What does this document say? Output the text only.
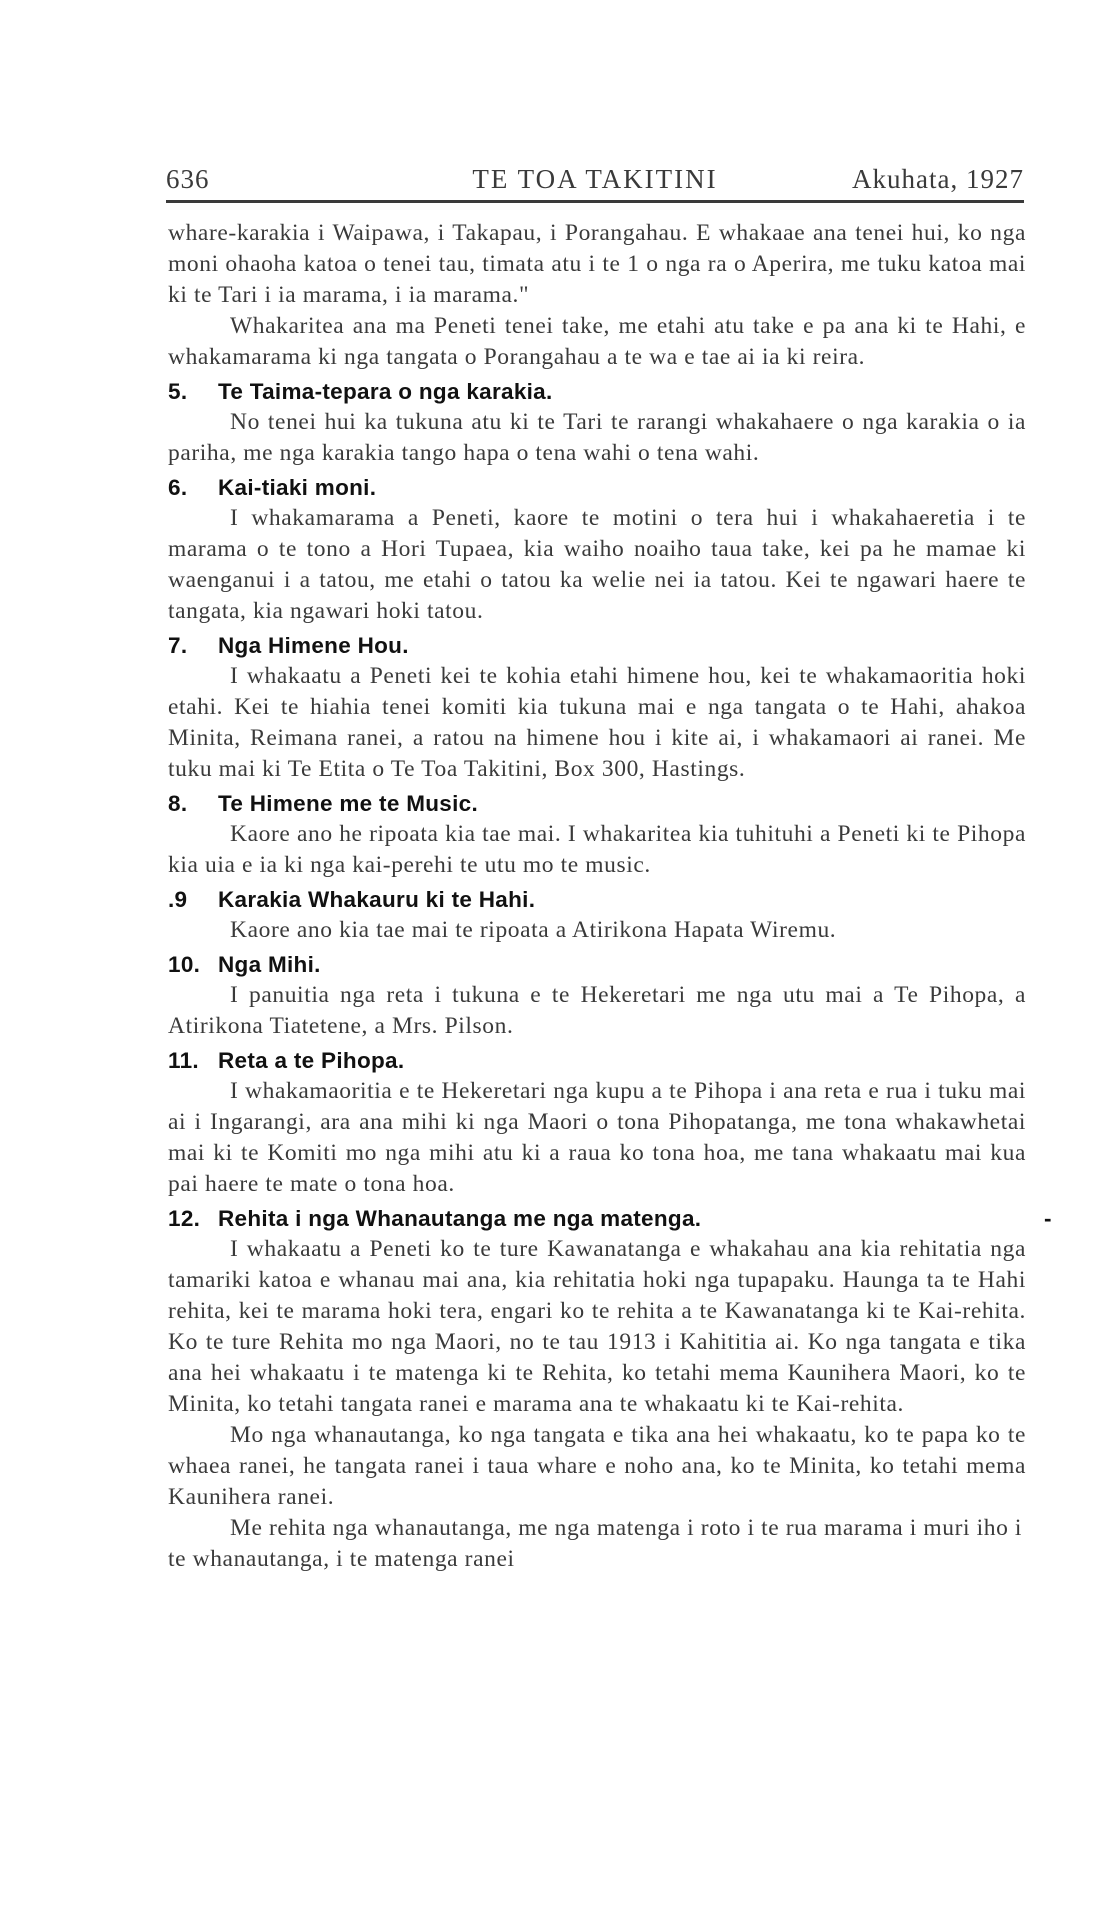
636	TE TOA TAKITINI	Akuhata, 1927

whare-karakia i Waipawa, i Takapau, i Porangahau. E whakaae ana tenei hui, ko nga moni ohaoha katoa o tenei tau, timata atu i te 1 o nga ra o Aperira, me tuku katoa mai ki te Tari i ia marama, i ia marama."

Whakaritea ana ma Peneti tenei take, me etahi atu take e pa ana ki te Hahi, e whakamarama ki nga tangata o Porangahau a te wa e tae ai ia ki reira.

5. Te Taima-tepara o nga karakia.

No tenei hui ka tukuna atu ki te Tari te rarangi whakahaere o nga karakia o ia pariha, me nga karakia tango hapa o tena wahi o tena wahi.

6. Kai-tiaki moni.

I whakamarama a Peneti, kaore te motini o tera hui i whakahaeretia i te marama o te tono a Hori Tupaea, kia waiho noaiho taua take, kei pa he mamae ki waenganui i a tatou, me etahi o tatou ka welie nei ia tatou. Kei te ngawari haere te tangata, kia ngawari hoki tatou.

7. Nga Himene Hou.

I whakaatu a Peneti kei te kohia etahi himene hou, kei te whakamaoritia hoki etahi. Kei te hiahia tenei komiti kia tukuna mai e nga tangata o te Hahi, ahakoa Minita, Reimana ranei, a ratou na himene hou i kite ai, i whakamaori ai ranei. Me tuku mai ki Te Etita o Te Toa Takitini, Box 300, Hastings.

8. Te Himene me te Music.

Kaore ano he ripoata kia tae mai. I whakaritea kia tuhituhi a Peneti ki te Pihopa kia uia e ia ki nga kai-perehi te utu mo te music.

.9 Karakia Whakauru ki te Hahi.

Kaore ano kia tae mai te ripoata a Atirikona Hapata Wiremu.

10. Nga Mihi.

I panuitia nga reta i tukuna e te Hekeretari me nga utu mai a Te Pihopa, a Atirikona Tiatetene, a Mrs. Pilson.

11. Reta a te Pihopa.

I whakamaoritia e te Hekeretari nga kupu a te Pihopa i ana reta e rua i tuku mai ai i Ingarangi, ara ana mihi ki nga Maori o tona Pihopatanga, me tona whakawhetai mai ki te Komiti mo nga mihi atu ki a raua ko tona hoa, me tana whakaatu mai kua pai haere te mate o tona hoa.

12. Rehita i nga Whanautanga me nga matenga.	-

I whakaatu a Peneti ko te ture Kawanatanga e whakahau ana kia rehitatia nga tamariki katoa e whanau mai ana, kia rehitatia hoki nga tupapaku. Haunga ta te Hahi rehita, kei te marama hoki tera, engari ko te rehita a te Kawanatanga ki te Kai-rehita. Ko te ture Rehita mo nga Maori, no te tau 1913 i Kahititia ai. Ko nga tangata e tika ana hei whakaatu i te matenga ki te Rehita, ko tetahi mema Kaunihera Maori, ko te Minita, ko tetahi tangata ranei e marama ana te whakaatu ki te Kai-rehita.

Mo nga whanautanga, ko nga tangata e tika ana hei whakaatu, ko te papa ko te whaea ranei, he tangata ranei i taua whare e noho ana, ko te Minita, ko tetahi mema Kaunihera ranei.

Me rehita nga whanautanga, me nga matenga i roto i te rua marama i muri iho i te whanautanga, i te matenga ranei
